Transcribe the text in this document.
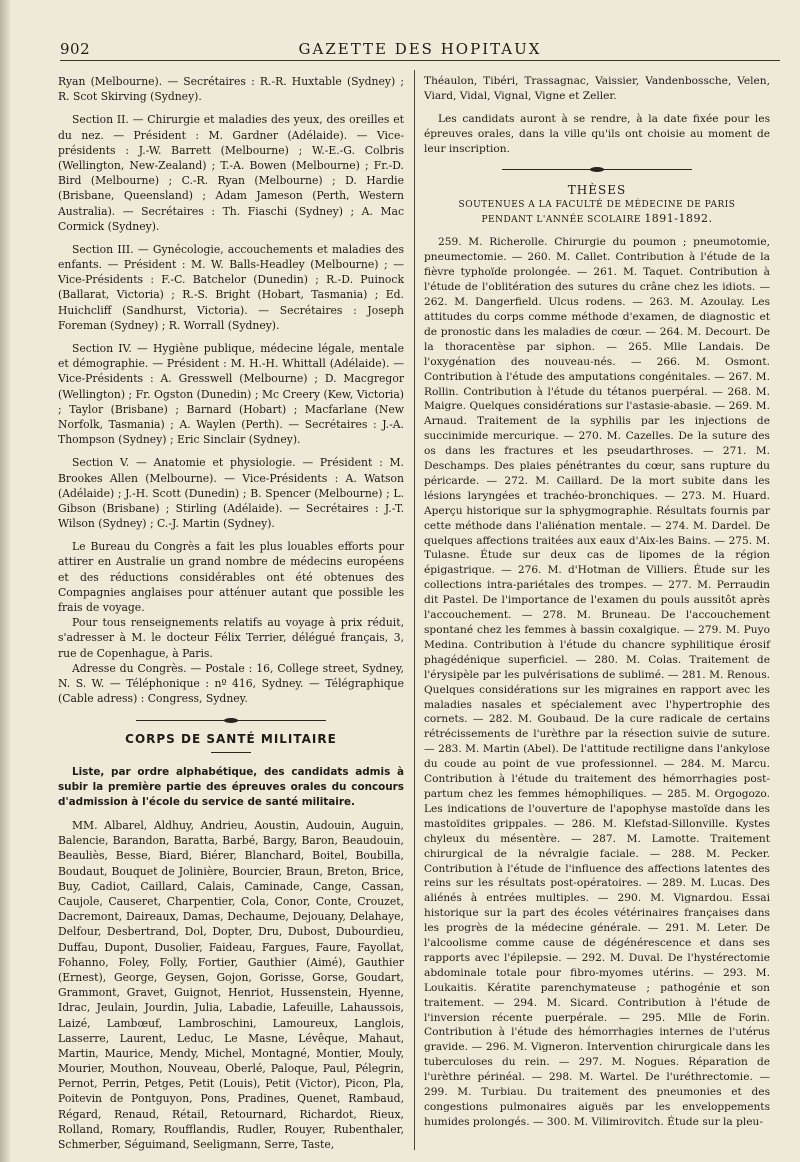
902	GAZETTE DES HOPITAUX

Ryan (Melbourne). — Secrétaires : R.-R. Huxtable (Sydney) ; R. Scot Skirving (Sydney).

Section II. — Chirurgie et maladies des yeux, des oreilles et du nez. — Président : M. Gardner (Adélaide). — Vice-présidents : J.-W. Barrett (Melbourne) ; W.-E.-G. Colbris (Wellington, New-Zealand) ; T.-A. Bowen (Melbourne) ; Fr.-D. Bird (Melbourne) ; C.-R. Ryan (Melbourne) ; D. Hardie (Brisbane, Queensland) ; Adam Jameson (Perth, Western Australia). — Secrétaires : Th. Fiaschi (Sydney) ; A. Mac Cormick (Sydney).

Section III. — Gynécologie, accouchements et maladies des enfants. — Président : M. W. Balls-Headley (Melbourne) ; — Vice-Présidents : F.-C. Batchelor (Dunedin) ; R.-D. Puinock (Ballarat, Victoria) ; R.-S. Bright (Hobart, Tasmania) ; Ed. Huichcliff (Sandhurst, Victoria). — Secrétaires : Joseph Foreman (Sydney) ; R. Worrall (Sydney).

Section IV. — Hygiène publique, médecine légale, mentale et démographie. — Président : M. H.-H. Whittall (Adélaide). — Vice-Présidents : A. Gresswell (Melbourne) ; D. Macgregor (Wellington) ; Fr. Ogston (Dunedin) ; Mc Creery (Kew, Victoria) ; Taylor (Brisbane) ; Barnard (Hobart) ; Macfarlane (New Norfolk, Tasmania) ; A. Waylen (Perth). — Secrétaires : J.-A. Thompson (Sydney) ; Eric Sinclair (Sydney).

Section V. — Anatomie et physiologie. — Président : M. Brookes Allen (Melbourne). — Vice-Présidents : A. Watson (Adélaide) ; J.-H. Scott (Dunedin) ; B. Spencer (Melbourne) ; L. Gibson (Brisbane) ; Stirling (Adélaide). — Secrétaires : J.-T. Wilson (Sydney) ; C.-J. Martin (Sydney).

Le Bureau du Congrès a fait les plus louables efforts pour attirer en Australie un grand nombre de médecins européens et des réductions considérables ont été obtenues des Compagnies anglaises pour atténuer autant que possible les frais de voyage.

Pour tous renseignements relatifs au voyage à prix réduit, s'adresser à M. le docteur Félix Terrier, délégué français, 3, rue de Copenhague, à Paris.

Adresse du Congrès. — Postale : 16, College street, Sydney, N. S. W. — Téléphonique : nº 416, Sydney. — Télégraphique (Cable adress) : Congress, Sydney.

CORPS DE SANTÉ MILITAIRE

Liste, par ordre alphabétique, des candidats admis à subir la première partie des épreuves orales du concours d'admission à l'école du service de santé militaire.

MM. Albarel, Aldhuy, Andrieu, Aoustin, Audouin, Auguin, Balencie, Barandon, Baratta, Barbé, Bargy, Baron, Beaudouin, Beauliès, Besse, Biard, Biérer, Blanchard, Boitel, Boubilla, Boudaut, Bouquet de Jolinière, Bourcier, Braun, Breton, Brice, Buy, Cadiot, Caillard, Calais, Caminade, Cange, Cassan, Caujole, Causeret, Charpentier, Cola, Conor, Conte, Crouzet, Dacremont, Daireaux, Damas, Dechaume, Dejouany, Delahaye, Delfour, Desbertrand, Dol, Dopter, Dru, Dubost, Dubourdieu, Duffau, Dupont, Dusolier, Faideau, Fargues, Faure, Fayollat, Fohanno, Foley, Folly, Fortier, Gauthier (Aimé), Gauthier (Ernest), George, Geysen, Gojon, Gorisse, Gorse, Goudart, Grammont, Gravet, Guignot, Henriot, Hussenstein, Hyenne, Idrac, Jeulain, Jourdin, Julia, Labadie, Lafeuille, Lahaussois, Laizé, Lambœuf, Lambroschini, Lamoureux, Langlois, Lasserre, Laurent, Leduc, Le Masne, Lévêque, Mahaut, Martin, Maurice, Mendy, Michel, Montagné, Montier, Mouly, Mourier, Mouthon, Nouveau, Oberlé, Paloque, Paul, Pélegrin, Pernot, Perrin, Petges, Petit (Louis), Petit (Victor), Picon, Pla, Poitevin de Pontguyon, Pons, Pradines, Quenet, Rambaud, Régard, Renaud, Rétail, Retournard, Richardot, Rieux, Rolland, Romary, Roufflandis, Rudler, Rouyer, Rubenthaler, Schmerber, Séguimand, Seeligmann, Serre, Taste,

Théaulon, Tibéri, Trassagnac, Vaissier, Vandenbossche, Velen, Viard, Vidal, Vignal, Vigne et Zeller.

Les candidats auront à se rendre, à la date fixée pour les épreuves orales, dans la ville qu'ils ont choisie au moment de leur inscription.

THÈSES
SOUTENUES A LA FACULTÉ DE MÉDECINE DE PARIS
PENDANT L'ANNÉE SCOLAIRE 1891-1892.

259. M. Richerolle. Chirurgie du poumon ; pneumotomie, pneumectomie. — 260. M. Callet. Contribution à l'étude de la fièvre typhoïde prolongée. — 261. M. Taquet. Contribution à l'étude de l'oblitération des sutures du crâne chez les idiots. — 262. M. Dangerfield. Ulcus rodens. — 263. M. Azoulay. Les attitudes du corps comme méthode d'examen, de diagnostic et de pronostic dans les maladies de cœur. — 264. M. Decourt. De la thoracentèse par siphon. — 265. Mlle Landais. De l'oxygénation des nouveau-nés. — 266. M. Osmont. Contribution à l'étude des amputations congénitales. — 267. M. Rollin. Contribution à l'étude du tétanos puerpéral. — 268. M. Maigre. Quelques considérations sur l'astasie-abasie. — 269. M. Arnaud. Traitement de la syphilis par les injections de succinimide mercurique. — 270. M. Cazelles. De la suture des os dans les fractures et les pseudarthroses. — 271. M. Deschamps. Des plaies pénétrantes du cœur, sans rupture du péricarde. — 272. M. Caillard. De la mort subite dans les lésions laryngées et trachéo-bronchiques. — 273. M. Huard. Aperçu historique sur la sphygmographie. Résultats fournis par cette méthode dans l'aliénation mentale. — 274. M. Dardel. De quelques affections traitées aux eaux d'Aix-les Bains. — 275. M. Tulasne. Étude sur deux cas de lipomes de la région épigastrique. — 276. M. d'Hotman de Villiers. Étude sur les collections intra-pariétales des trompes. — 277. M. Perraudin dit Pastel. De l'importance de l'examen du pouls aussitôt après l'accouchement. — 278. M. Bruneau. De l'accouchement spontané chez les femmes à bassin coxalgique. — 279. M. Puyo Medina. Contribution à l'étude du chancre syphilitique érosif phagédénique superficiel. — 280. M. Colas. Traitement de l'érysipèle par les pulvérisations de sublimé. — 281. M. Renous. Quelques considérations sur les migraines en rapport avec les maladies nasales et spécialement avec l'hypertrophie des cornets. — 282. M. Goubaud. De la cure radicale de certains rétrécissements de l'urèthre par la résection suivie de suture. — 283. M. Martin (Abel). De l'attitude rectiligne dans l'ankylose du coude au point de vue professionnel. — 284. M. Marcu. Contribution à l'étude du traitement des hémorrhagies post-partum chez les femmes hémophiliques. — 285. M. Orgogozo. Les indications de l'ouverture de l'apophyse mastoïde dans les mastoïdites grippales. — 286. M. Klefstad-Sillonville. Kystes chyleux du mésentère. — 287. M. Lamotte. Traitement chirurgical de la névralgie faciale. — 288. M. Pecker. Contribution à l'étude de l'influence des affections latentes des reins sur les résultats post-opératoires. — 289. M. Lucas. Des aliénés à entrées multiples. — 290. M. Vignardou. Essai historique sur la part des écoles vétérinaires françaises dans les progrès de la médecine générale. — 291. M. Leter. De l'alcoolisme comme cause de dégénérescence et dans ses rapports avec l'épilepsie. — 292. M. Duval. De l'hystérectomie abdominale totale pour fibro-myomes utérins. — 293. M. Loukaitis. Kératite parenchymateuse ; pathogénie et son traitement. — 294. M. Sicard. Contribution à l'étude de l'inversion récente puerpérale. — 295. Mlle de Forin. Contribution à l'étude des hémorrhagies internes de l'utérus gravide. — 296. M. Vigneron. Intervention chirurgicale dans les tuberculoses du rein. — 297. M. Nogues. Réparation de l'urèthre périnéal. — 298. M. Wartel. De l'uréthrectomie. — 299. M. Turbiau. Du traitement des pneumonies et des congestions pulmonaires aiguës par les enveloppements humides prolongés. — 300. M. Vilimirovitch. Étude sur la pleu-
